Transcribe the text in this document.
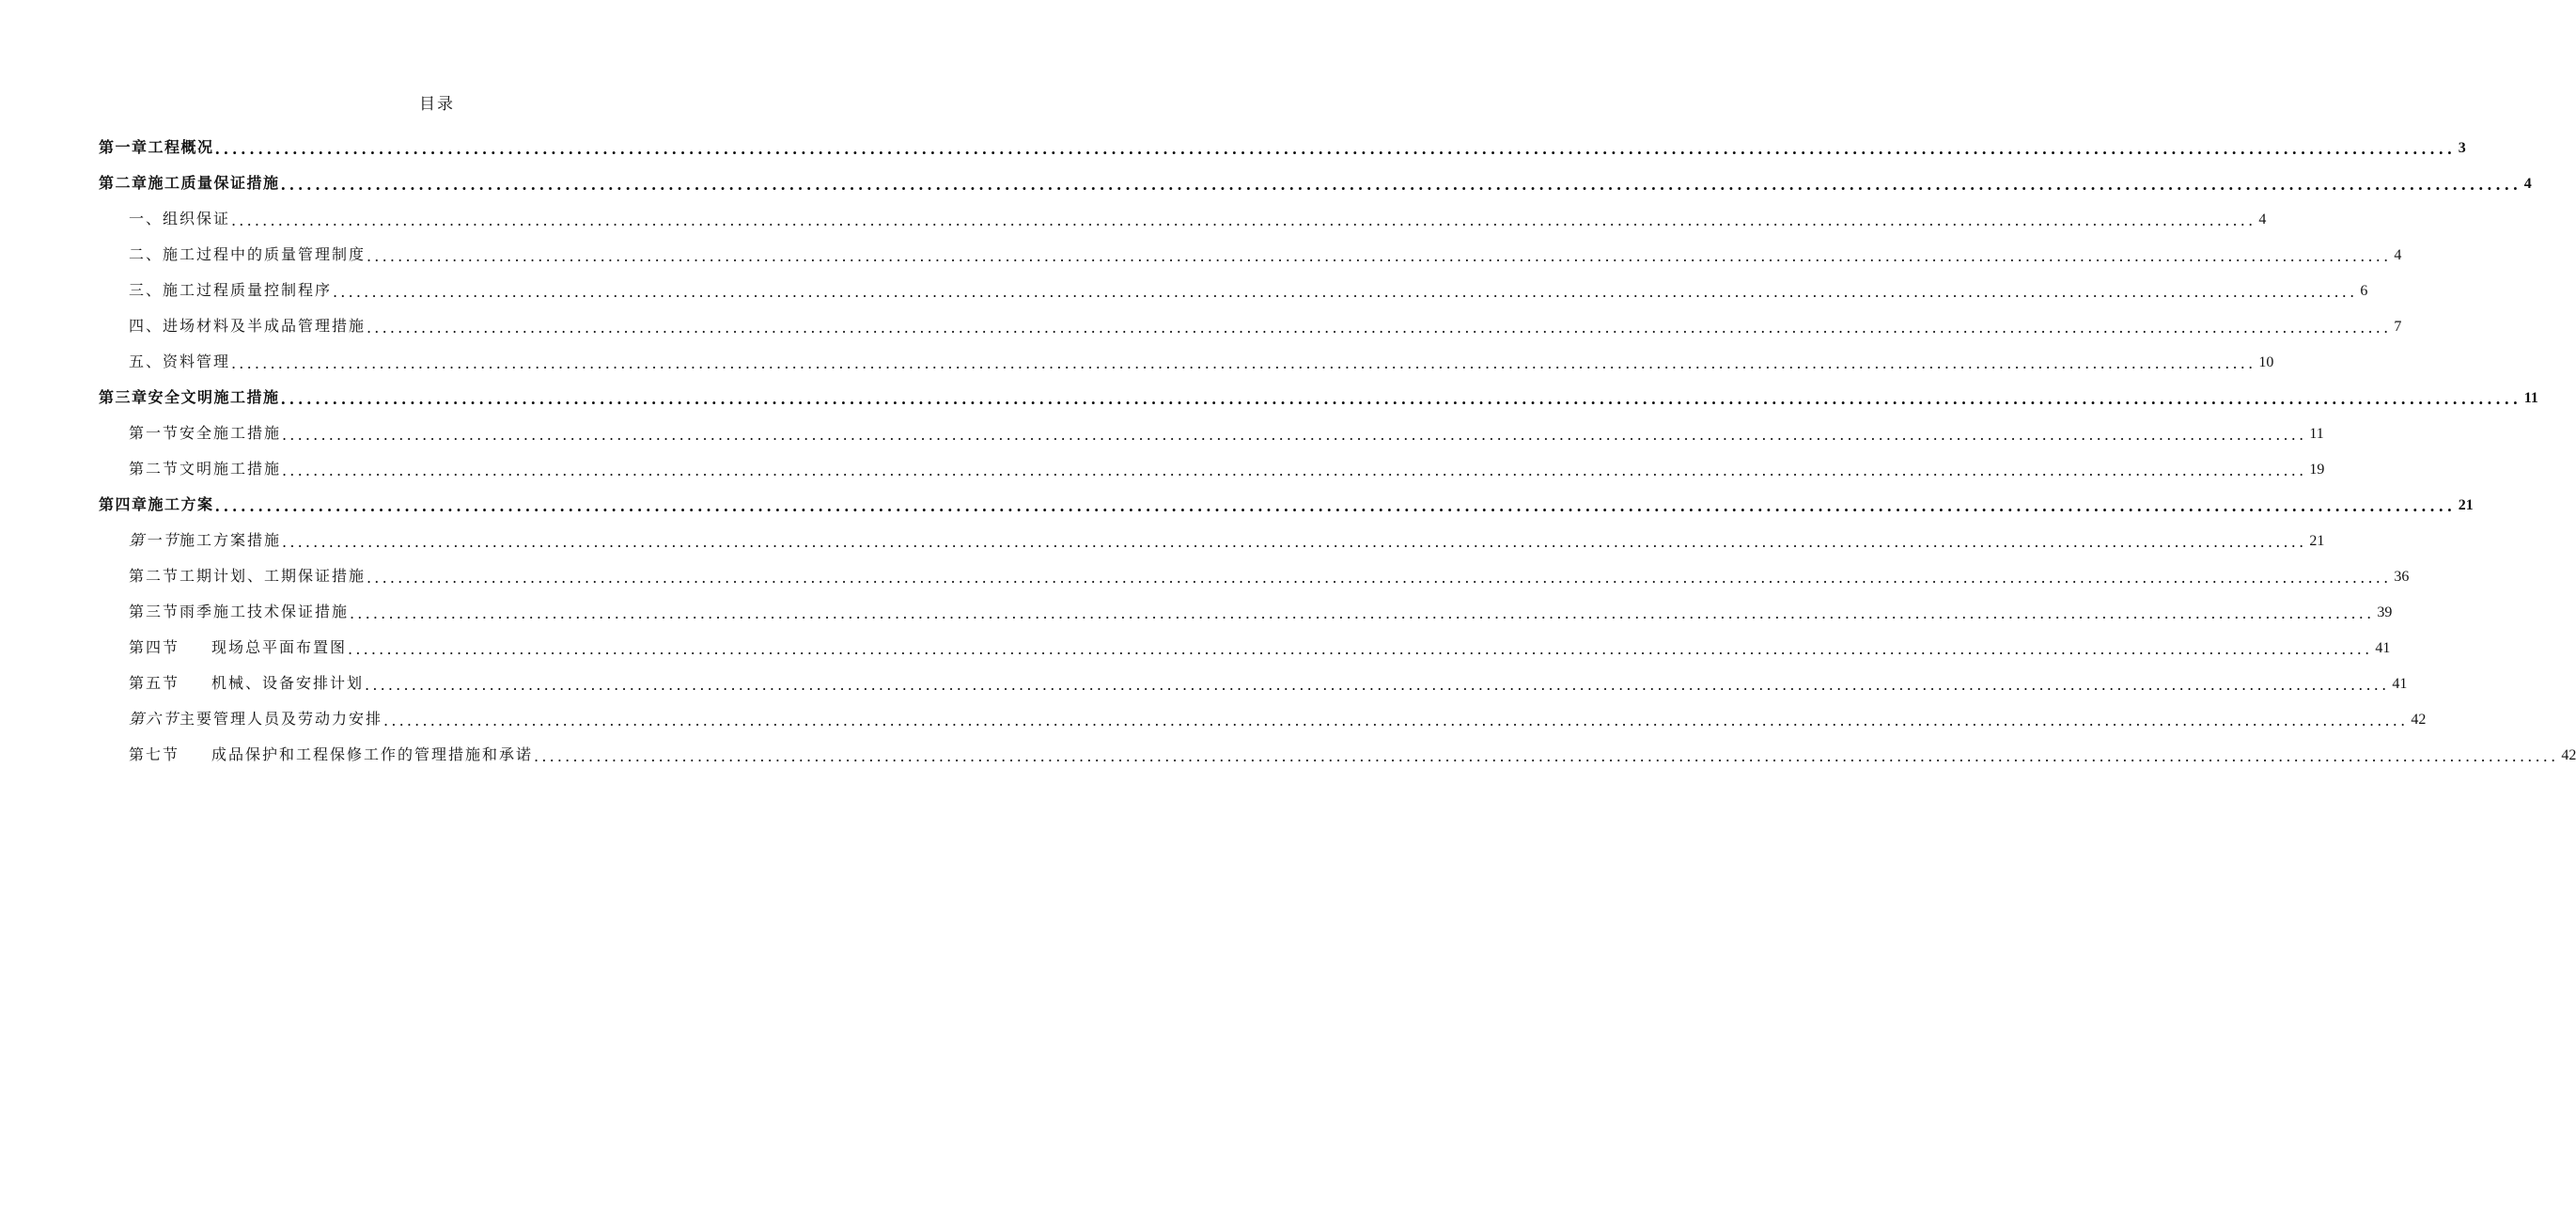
目录
第一章工程概况 .................................................................................................................................................................................................................................................................... 3
第二章施工质量保证措施 .................................................................................................................................................................................................................................................................... 4
一、组织保证 .................................................................................................................................................................................................................................................................... 4
二、施工过程中的质量管理制度 .................................................................................................................................................................................................................................................................... 4
三、施工过程质量控制程序 .................................................................................................................................................................................................................................................................... 6
四、进场材料及半成品管理措施 .................................................................................................................................................................................................................................................................... 7
五、资料管理 .................................................................................................................................................................................................................................................................... 10
第三章安全文明施工措施 .................................................................................................................................................................................................................................................................... 11
第一节安全施工措施 .................................................................................................................................................................................................................................................................... 11
第二节文明施工措施 .................................................................................................................................................................................................................................................................... 19
第四章施工方案 .................................................................................................................................................................................................................................................................... 21
第一节施工方案措施 .................................................................................................................................................................................................................................................................... 21
第二节工期计划、工期保证措施 .................................................................................................................................................................................................................................................................... 36
第三节雨季施工技术保证措施 .................................................................................................................................................................................................................................................................... 39
第四节 现场总平面布置图 .................................................................................................................................................................................................................................................................... 41
第五节 机械、设备安排计划 .................................................................................................................................................................................................................................................................... 41
第六节主要管理人员及劳动力安排 .................................................................................................................................................................................................................................................................... 42
第七节 成品保护和工程保修工作的管理措施和承诺 .................................................................................................................................................................................................................................................................... 42
